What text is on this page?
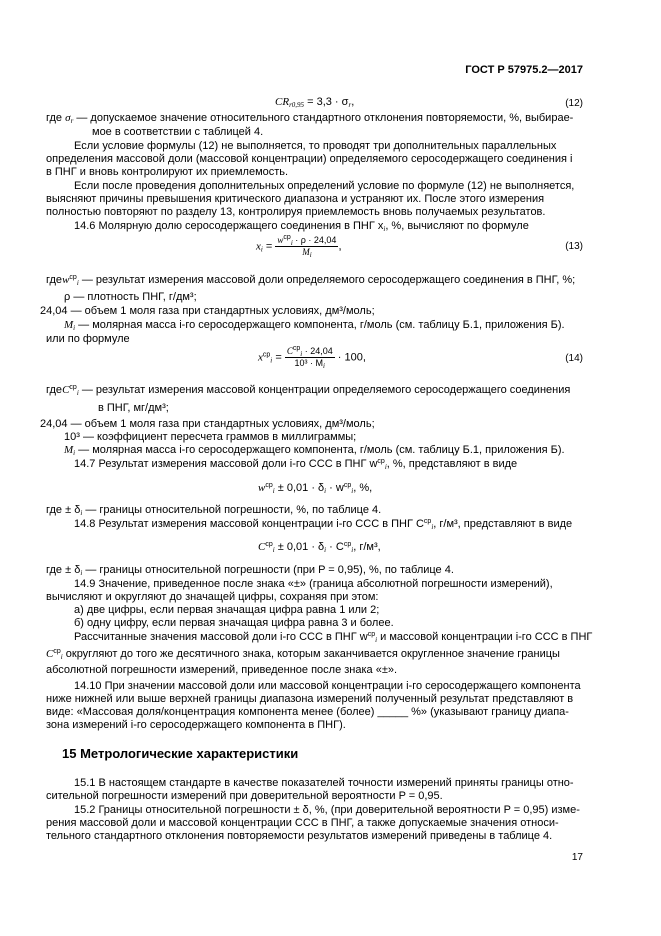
ГОСТ Р 57975.2—2017
$CR_{r0,95} = 3,3 \cdot \sigma_r$,	(12)
где $\sigma_r$ — допускаемое значение относительного стандартного отклонения повторяемости, %, выбирае-
мое в соответствии с таблицей 4.
Если условие формулы (12) не выполняется, то проводят три дополнительных параллельных
определения массовой доли (массовой концентрации) определяемого серосодержащего соединения i
в ПНГ и вновь контролируют их приемлемость.
Если после проведения дополнительных определений условие по формуле (12) не выполняется,
выясняют причины превышения критического диапазона и устраняют их. После этого измерения
полностью повторяют по разделу 13, контролируя приемлемость вновь получаемых результатов.
14.6 Молярную долю серосодержащего соединения в ПНГ $x_i$, %, вычисляют по формуле
$x_i = \frac{w^{ср}_i \cdot \rho \cdot 24,04}{M_i}$ ,	(13)
гдеw$^{ср}_i$ — результат измерения массовой доли определяемого серосодержащего соединения в ПНГ, %;
ρ — плотность ПНГ, г/дм³;
24,04 — объем 1 моля газа при стандартных условиях, дм³/моль;
$M_i$ — молярная масса i-го серосодержащего компонента, г/моль (см. таблицу Б.1, приложения Б).
или по формуле
$x^{ср}_i = \frac{C^{ср}_i \cdot 24,04}{10^3 \cdot M_i} \cdot 100$,	(14)
гдеC$^{ср}_i$ — результат измерения массовой концентрации определяемого серосодержащего соединения
в ПНГ, мг/дм³;
24,04 — объем 1 моля газа при стандартных условиях, дм³/моль;
10³ — коэффициент пересчета граммов в миллиграммы;
$M_i$ — молярная масса i-го серосодержащего компонента, г/моль (см. таблицу Б.1, приложения Б).
14.7 Результат измерения массовой доли i-го ССС в ПНГ $w^{ср}_i$, %, представляют в виде
$w^{ср}_i \pm 0,01 \cdot \delta_i \cdot w^{ср}_i$, %,
где ± $\delta_i$ — границы относительной погрешности, %, по таблице 4.
14.8 Результат измерения массовой концентрации i-го ССС в ПНГ $C^{ср}_i$, г/м³, представляют в виде
$C^{ср}_i \pm 0,01 \cdot \delta_i \cdot C^{ср}_i$, г/м³,
где ± $\delta_i$ — границы относительной погрешности (при P = 0,95), %, по таблице 4.
14.9 Значение, приведенное после знака «±» (граница абсолютной погрешности измерений),
вычисляют и округляют до значащей цифры, сохраняя при этом:
а) две цифры, если первая значащая цифра равна 1 или 2;
б) одну цифру, если первая значащая цифра равна 3 и более.
Рассчитанные значения массовой доли i-го ССС в ПНГ $w^{ср}_i$ и массовой концентрации i-го ССС в ПНГ
$C^{ср}_i$ округляют до того же десятичного знака, которым заканчивается округленное значение границы
абсолютной погрешности измерений, приведенное после знака «±».
14.10 При значении массовой доли или массовой концентрации i-го серосодержащего компонента
ниже нижней или выше верхней границы диапазона измерений полученный результат представляют в
виде: «Массовая доля/концентрация компонента менее (более) _____ %» (указывают границу диапа-
зона измерений i-го серосодержащего компонента в ПНГ).
15 Метрологические характеристики
15.1 В настоящем стандарте в качестве показателей точности измерений приняты границы отно-
сительной погрешности измерений при доверительной вероятности P = 0,95.
15.2 Границы относительной погрешности ± δ, %, (при доверительной вероятности P = 0,95) изме-
рения массовой доли и массовой концентрации ССС в ПНГ, а также допускаемые значения относи-
тельного стандартного отклонения повторяемости результатов измерений приведены в таблице 4.
17
